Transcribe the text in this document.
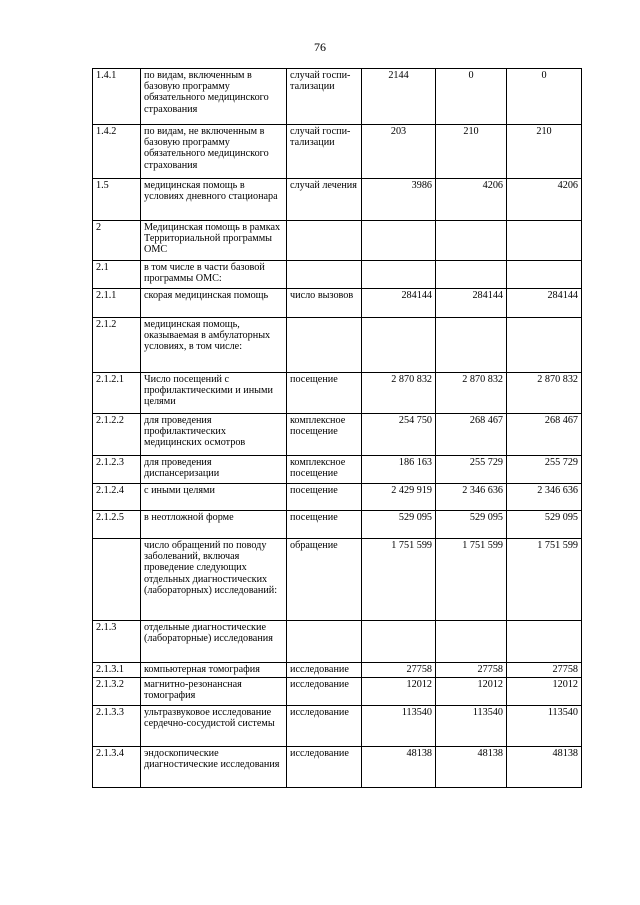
76
1.4.1	по видам, включенным в базовую программу обязательного медицинского страхования	случай госпи-тализации	2144	0	0
1.4.2	по видам, не включенным в базовую программу обязательного медицинского страхования	случай госпи-тализации	203	210	210
1.5	медицинская помощь в условиях дневного стационара	случай лечения	3986	4206	4206
2	Медицинская помощь в рамках Территориальной программы ОМС				
2.1	в том числе в части базовой программы ОМС:				
2.1.1	скорая медицинская помощь	число вызовов	284144	284144	284144
2.1.2	медицинская помощь, оказываемая в амбулаторных условиях, в том числе:				
2.1.2.1	Число посещений с профилактическими и иными целями	посещение	2 870 832	2 870 832	2 870 832
2.1.2.2	для проведения профилактических медицинских осмотров	комплексное посещение	254 750	268 467	268 467
2.1.2.3	для проведения диспансеризации	комплексное посещение	186 163	255 729	255 729
2.1.2.4	с иными целями	посещение	2 429 919	2 346 636	2 346 636
2.1.2.5	в неотложной форме	посещение	529 095	529 095	529 095
	число обращений по поводу заболеваний, включая проведение следующих отдельных диагностических (лабораторных) исследований:	обращение	1 751 599	1 751 599	1 751 599
2.1.3	отдельные диагностические (лабораторные) исследования				
2.1.3.1	компьютерная томография	исследование	27758	27758	27758
2.1.3.2	магнитно-резонансная томография	исследование	12012	12012	12012
2.1.3.3	ультразвуковое исследование сердечно-сосудистой системы	исследование	113540	113540	113540
2.1.3.4	эндоскопические диагностические исследования	исследование	48138	48138	48138
